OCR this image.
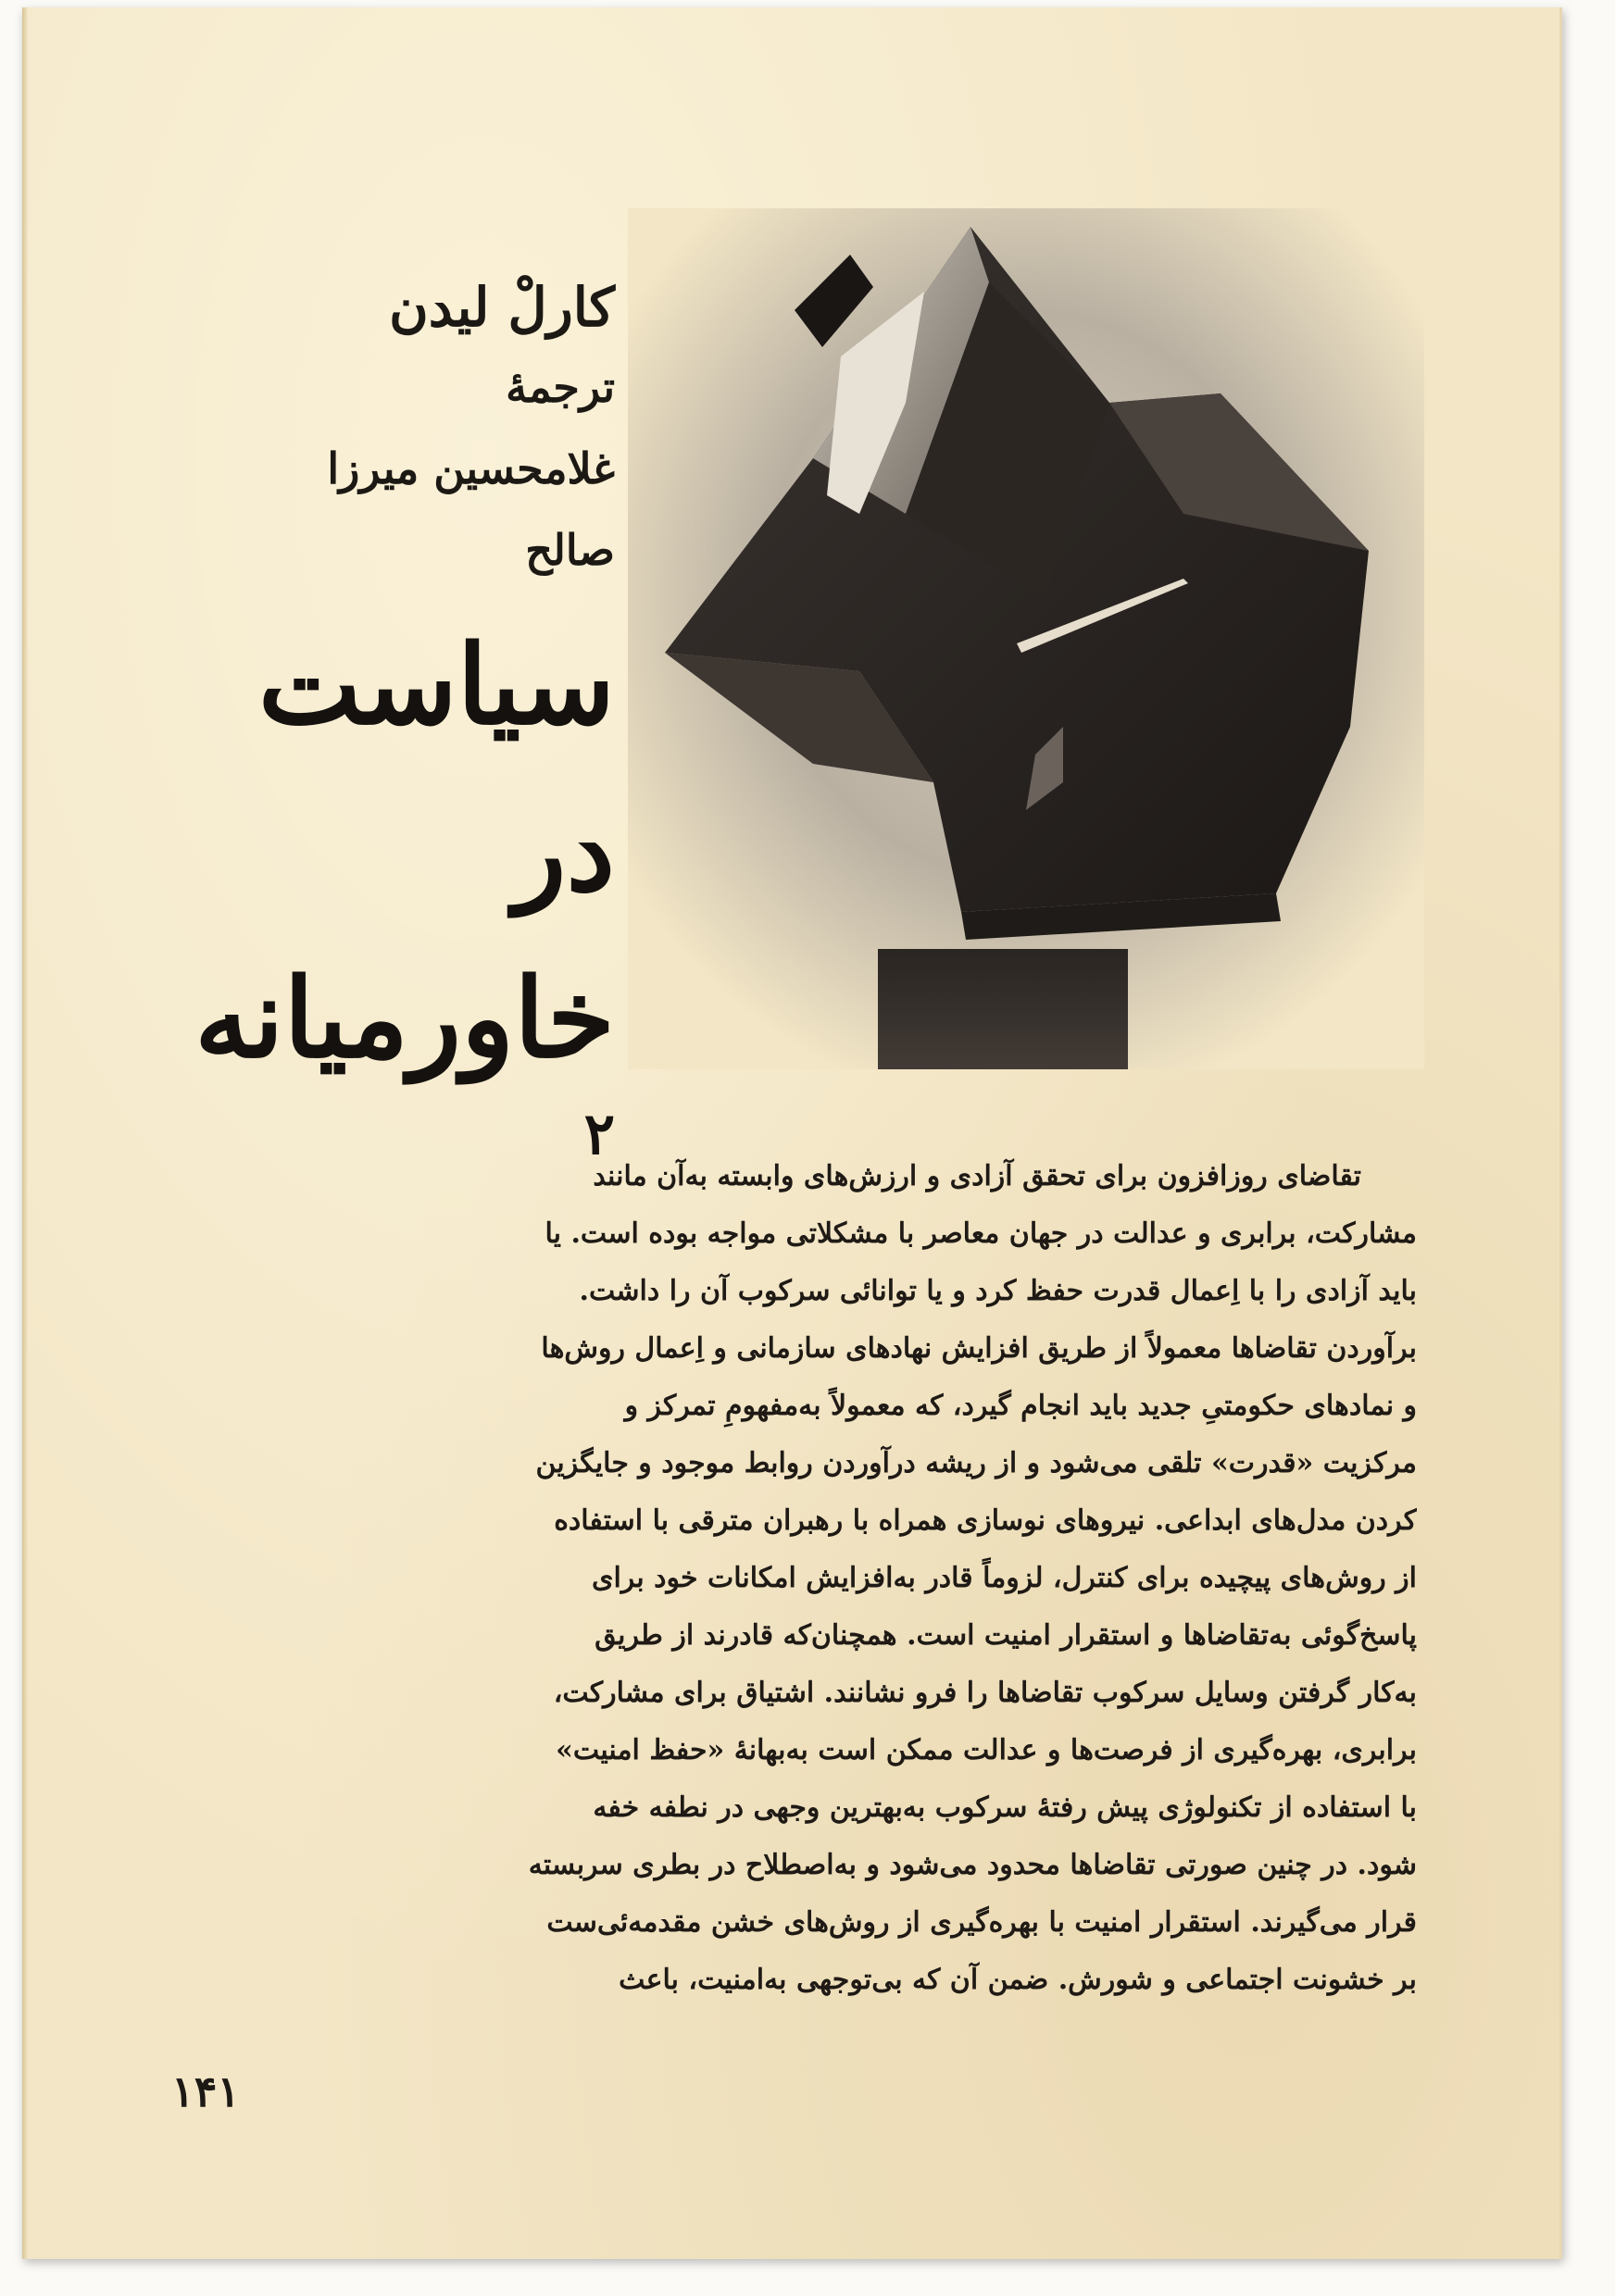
کارلْ لیدن
ترجمهٔ
غلامحسین میرزا
صالح
سیاست
در
خاورمیانه
۲
تقاضای روزافزون برای تحقق آزادی و ارزش‌های وابسته به‌آن مانند
مشارکت، برابری و عدالت در جهان معاصر با مشکلاتی مواجه بوده است. یا
باید آزادی را با اِعمال قدرت حفظ کرد و یا توانائی سرکوب آن را داشت.
برآوردن تقاضاها معمولاً از طریق افزایش نهادهای سازمانی و اِعمال روش‌ها
و نمادهای حکومتیِ جدید باید انجام گیرد، که معمولاً به‌مفهومِ تمرکز و
مرکزیت «قدرت» تلقی می‌شود و از ریشه درآوردن روابط موجود و جایگزین
کردن مدل‌های ابداعی. نیروهای نوسازی همراه با رهبران مترقی با استفاده
از روش‌های پیچیده برای کنترل، لزوماً قادر به‌افزایش امکانات خود برای
پاسخ‌گوئی به‌تقاضاها و استقرار امنیت است. همچنان‌که قادرند از طریق
به‌کار گرفتن وسایل سرکوب تقاضاها را فرو نشانند. اشتیاق برای مشارکت،
برابری، بهره‌گیری از فرصت‌ها و عدالت ممکن است به‌بهانهٔ «حفظ امنیت»
با استفاده از تکنولوژی پیش رفتهٔ سرکوب به‌بهترین وجهی در نطفه خفه
شود. در چنین صورتی تقاضاها محدود می‌شود و به‌اصطلاح در بطری سربسته
قرار می‌گیرند. استقرار امنیت با بهره‌گیری از روش‌های خشن مقدمه‌ئی‌ست
بر خشونت اجتماعی و شورش. ضمن آن که بی‌توجهی به‌امنیت، باعث
۱۴۱
